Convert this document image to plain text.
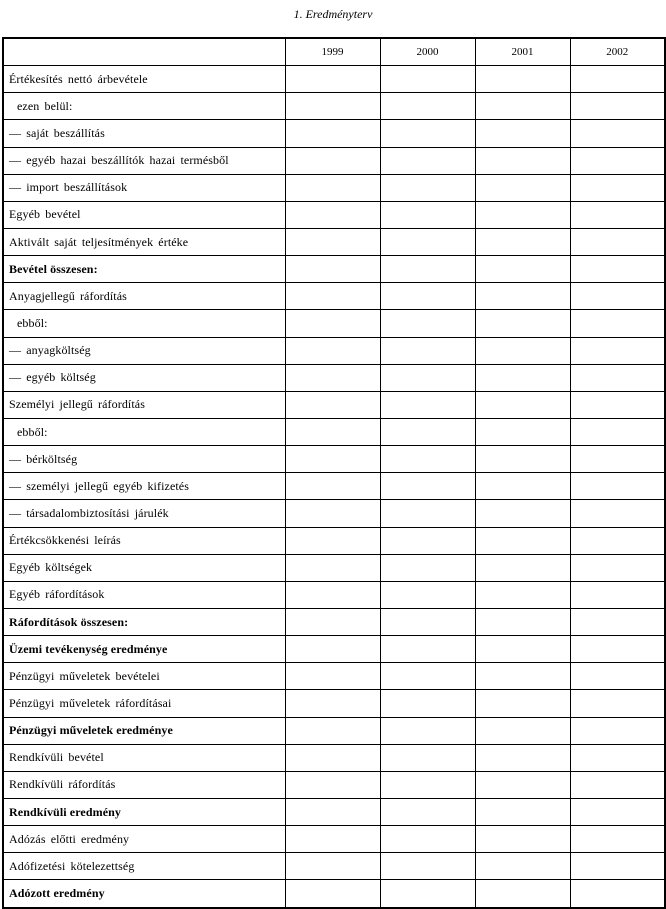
1. Eredményterv
	1999	2000	2001	2002
Értékesítés nettó árbevétele				
ezen belül:				
— saját beszállítás				
— egyéb hazai beszállítók hazai termésből				
— import beszállítások				
Egyéb bevétel				
Aktivált saját teljesítmények értéke				
Bevétel összesen:				
Anyagjellegű ráfordítás				
ebből:				
— anyagköltség				
— egyéb költség				
Személyi jellegű ráfordítás				
ebből:				
— bérköltség				
— személyi jellegű egyéb kifizetés				
— társadalombiztosítási járulék				
Értékcsökkenési leírás				
Egyéb költségek				
Egyéb ráfordítások				
Ráfordítások összesen:				
Üzemi tevékenység eredménye				
Pénzügyi műveletek bevételei				
Pénzügyi műveletek ráfordításai				
Pénzügyi műveletek eredménye				
Rendkívüli bevétel				
Rendkívüli ráfordítás				
Rendkívüli eredmény				
Adózás előtti eredmény				
Adófizetési kötelezettség				
Adózott eredmény				
